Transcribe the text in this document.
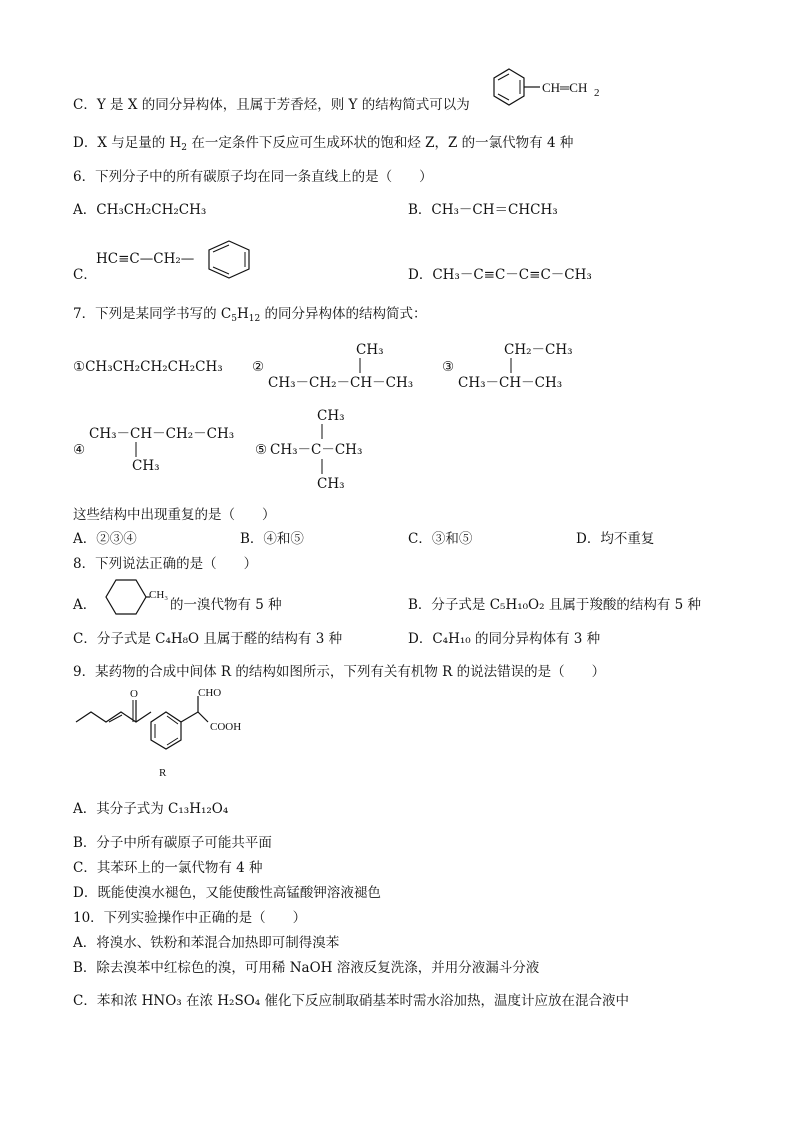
C．Y 是 X 的同分异构体，且属于芳香烃，则 Y 的结构简式可以为
CH═CH 2
D．X 与足量的 $H_2$ 在一定条件下反应可生成环状的饱和烃 Z，Z 的一氯代物有 4 种
6．下列分子中的所有碳原子均在同一条直线上的是（　　）
A．CH₃CH₂CH₂CH₃	B．CH₃－CH＝CHCH₃
C．
HC≡C—CH₂—
D．CH₃－C≡C－C≡C－CH₃
7．下列是某同学书写的 $C_5H_{12}$ 的同分异构体的结构简式：
①CH₃CH₂CH₂CH₂CH₃ ②
CH₃
CH₃－CH₂－CH－CH₃
③
CH₂－CH₃
CH₃－CH－CH₃
④
CH₃－CH－CH₂－CH₃
CH₃
⑤
CH₃
CH₃－C－CH₃
CH₃
这些结构中出现重复的是（　　）
A．②③④	B．④和⑤	C．③和⑤	D．均不重复
8．下列说法正确的是（　　）
A．
CH₃
的一溴代物有 5 种	B．分子式是 C₅H₁₀O₂ 且属于羧酸的结构有 5 种
C．分子式是 C₄H₈O 且属于醛的结构有 3 种	D．C₄H₁₀ 的同分异构体有 3 种
9．某药物的合成中间体 R 的结构如图所示，下列有关有机物 R 的说法错误的是（　　）
O	CHO
COOH
R
A．其分子式为 C₁₃H₁₂O₄
B．分子中所有碳原子可能共平面
C．其苯环上的一氯代物有 4 种
D．既能使溴水褪色，又能使酸性高锰酸钾溶液褪色
10．下列实验操作中正确的是（　　）
A．将溴水、铁粉和苯混合加热即可制得溴苯
B．除去溴苯中红棕色的溴，可用稀 NaOH 溶液反复洗涤，并用分液漏斗分液
C．苯和浓 HNO₃ 在浓 H₂SO₄ 催化下反应制取硝基苯时需水浴加热，温度计应放在混合液中
